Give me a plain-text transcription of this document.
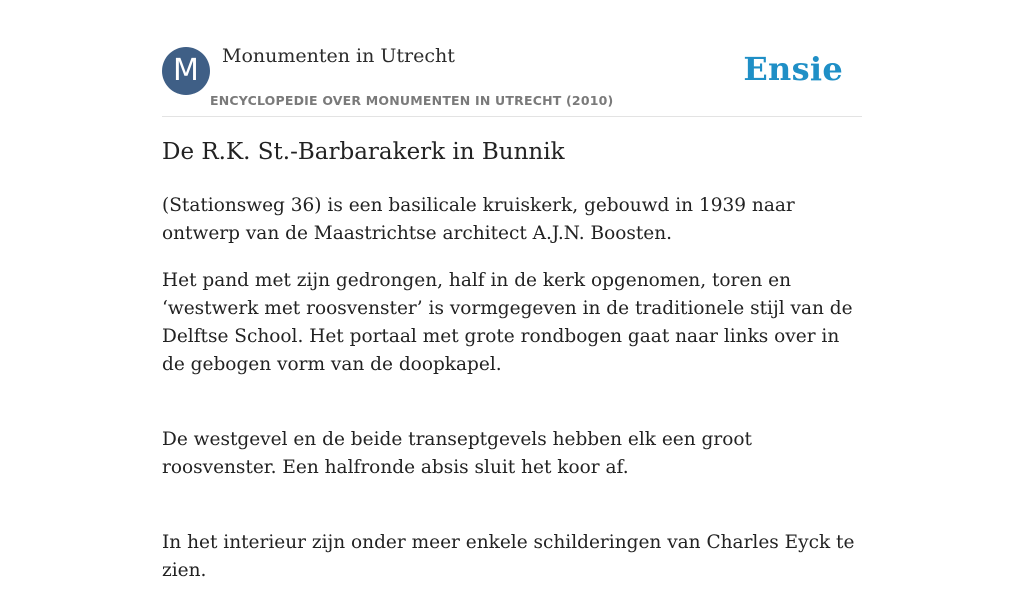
M	Monumenten in Utrecht
ENCYCLOPEDIE OVER MONUMENTEN IN UTRECHT (2010)
Ensie
De R.K. St.-Barbarakerk in Bunnik

(Stationsweg 36) is een basilicale kruiskerk, gebouwd in 1939 naar ontwerp van de Maastrichtse architect A.J.N. Boosten.

Het pand met zijn gedrongen, half in de kerk opgenomen, toren en ‘westwerk met roosvenster’ is vormgegeven in de traditionele stijl van de Delftse School. Het portaal met grote rondbogen gaat naar links over in de gebogen vorm van de doopkapel.

De westgevel en de beide transeptgevels hebben elk een groot roosvenster. Een halfronde absis sluit het koor af.

In het interieur zijn onder meer enkele schilderingen van Charles Eyck te zien.
